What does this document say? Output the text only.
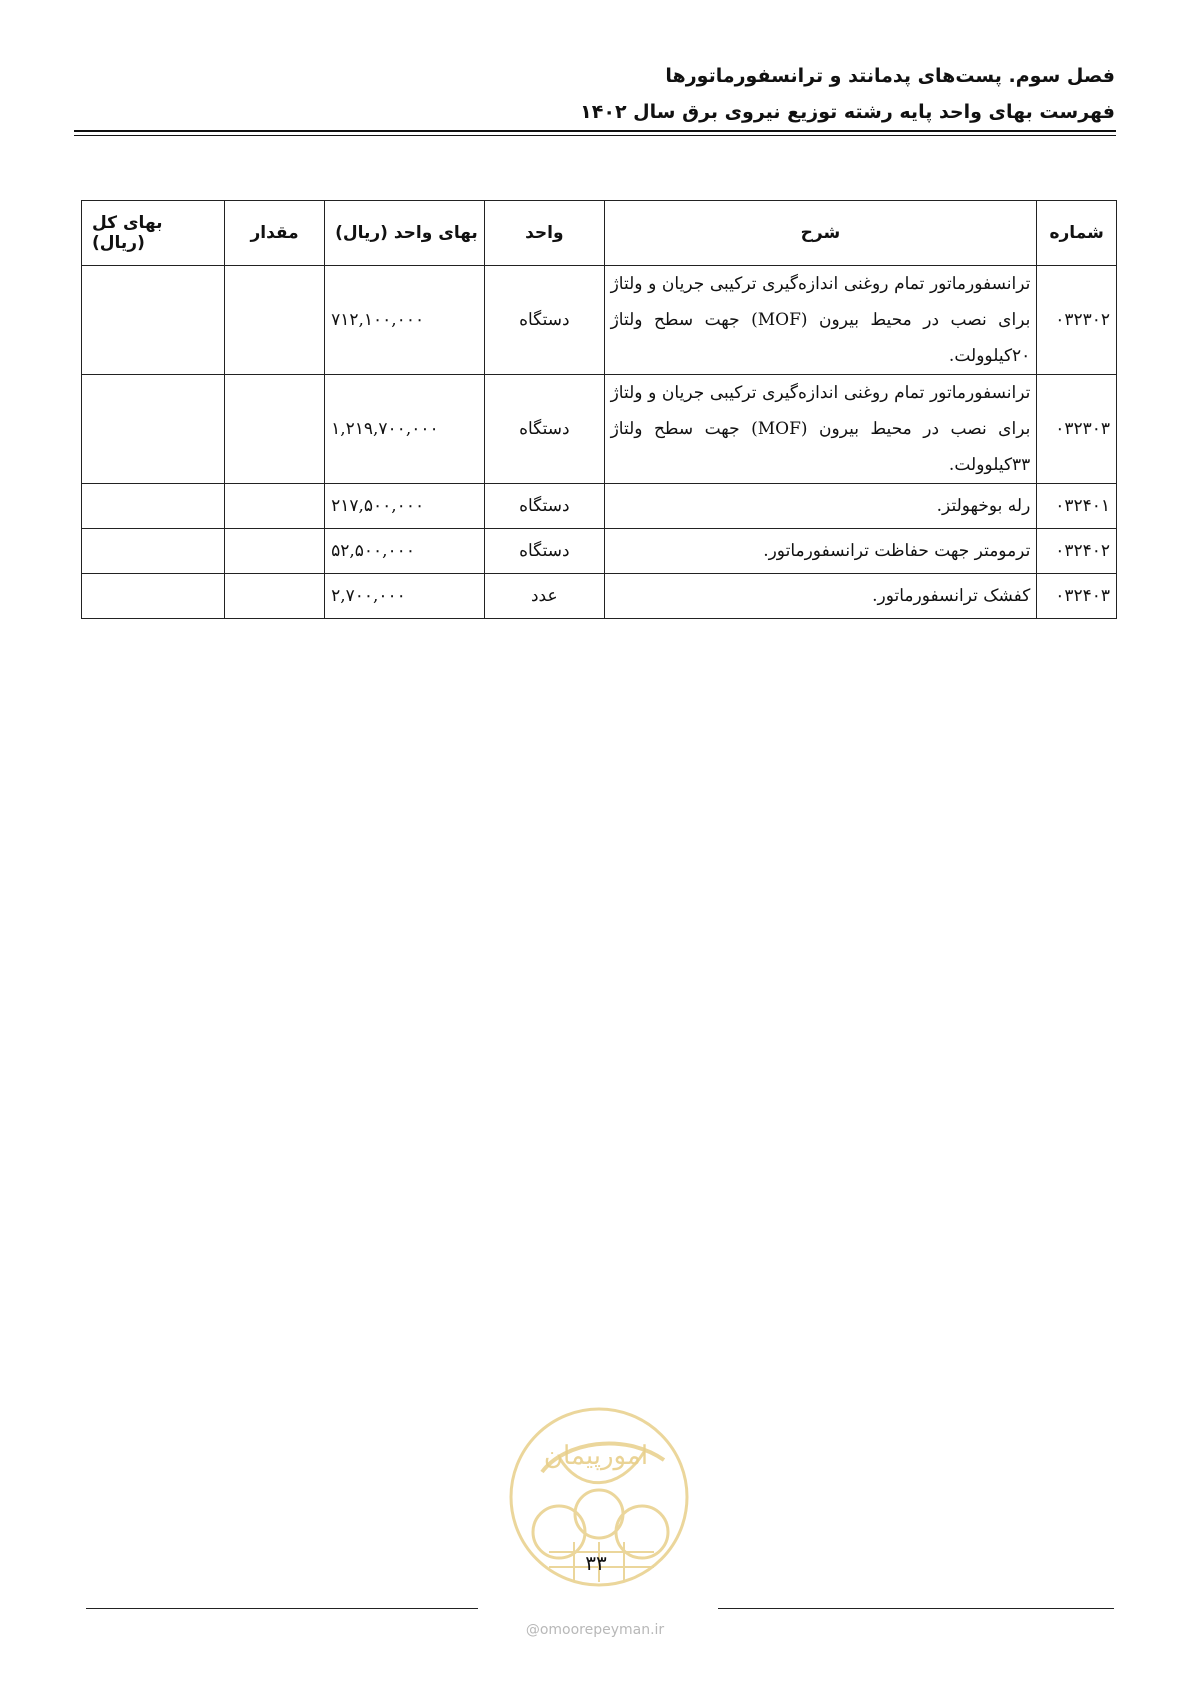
فصل سوم. پست‌های پدمانتد و ترانسفورماتورها
فهرست بهای واحد پایه رشته توزیع نیروی برق سال ۱۴۰۲
شماره	شرح	واحد	بهای واحد (ریال)	مقدار	بهای کل (ریال)
۰۳۲۳۰۲	ترانسفورماتور تمام روغنی اندازه‌گیری ترکیبی جریان و ولتاژ برای نصب در محیط بیرون (MOF) جهت سطح ولتاژ ۲۰کیلوولت.	دستگاه	۷۱۲,۱۰۰,۰۰۰		
۰۳۲۳۰۳	ترانسفورماتور تمام روغنی اندازه‌گیری ترکیبی جریان و ولتاژ برای نصب در محیط بیرون (MOF) جهت سطح ولتاژ ۳۳کیلوولت.	دستگاه	۱,۲۱۹,۷۰۰,۰۰۰		
۰۳۲۴۰۱	رله بوخهولتز.	دستگاه	۲۱۷,۵۰۰,۰۰۰		
۰۳۲۴۰۲	ترمومتر جهت حفاظت ترانسفورماتور.	دستگاه	۵۲,۵۰۰,۰۰۰		
۰۳۲۴۰۳	کفشک ترانسفورماتور.	عدد	۲,۷۰۰,۰۰۰		
امورپیمان
۳۳
@omoorepeyman.ir
